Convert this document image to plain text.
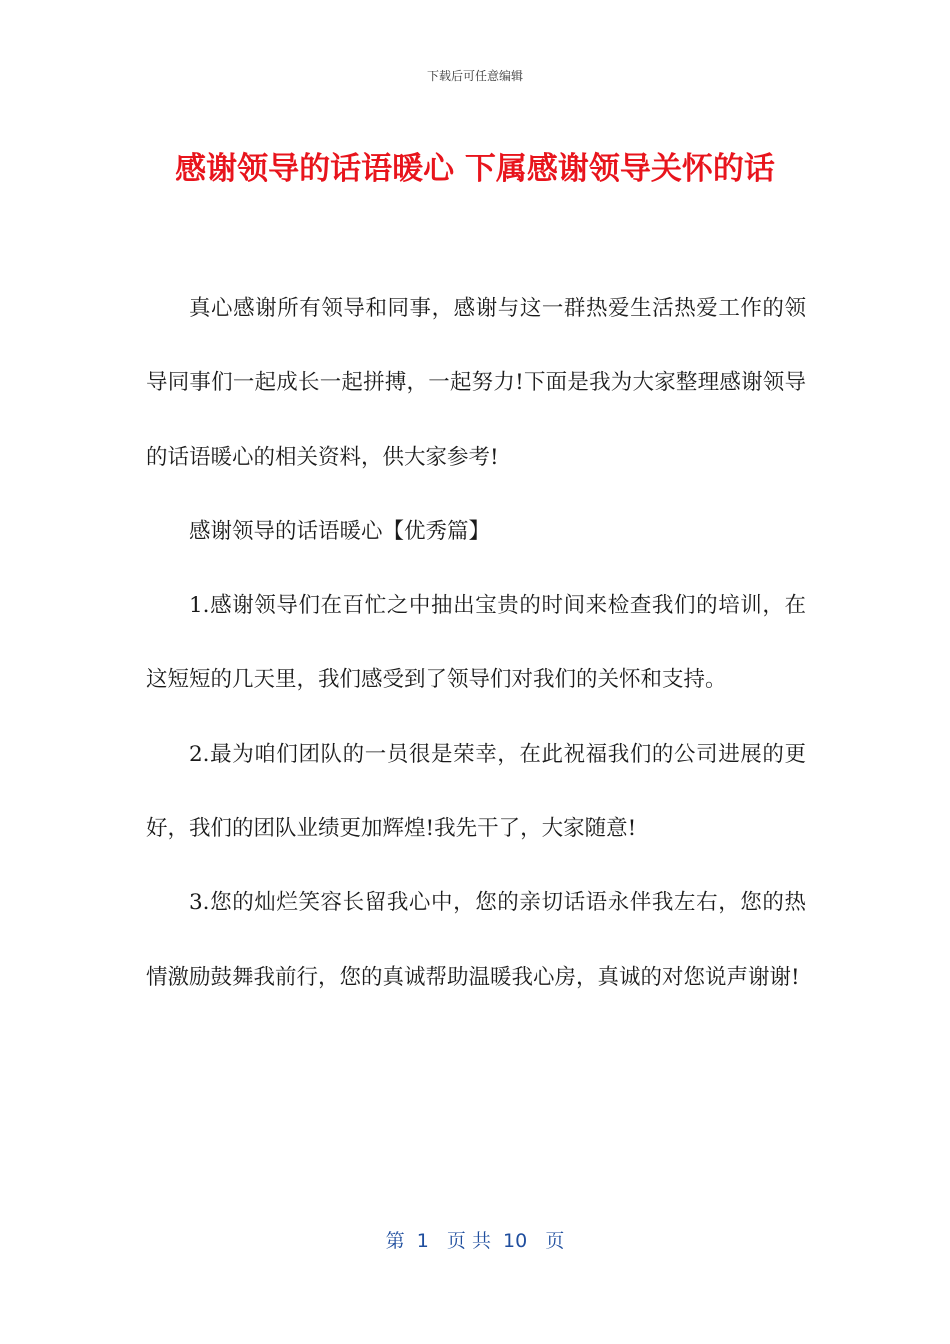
下载后可任意编辑
感谢领导的话语暖心 下属感谢领导关怀的话

真心感谢所有领导和同事，感谢与这一群热爱生活热爱工作的领导同事们一起成长一起拼搏，一起努力!下面是我为大家整理感谢领导的话语暖心的相关资料，供大家参考!

感谢领导的话语暖心【优秀篇】

1.感谢领导们在百忙之中抽出宝贵的时间来检查我们的培训，在这短短的几天里，我们感受到了领导们对我们的关怀和支持。

2.最为咱们团队的一员很是荣幸，在此祝福我们的公司进展的更好，我们的团队业绩更加辉煌!我先干了，大家随意!

3.您的灿烂笑容长留我心中，您的亲切话语永伴我左右，您的热情激励鼓舞我前行，您的真诚帮助温暖我心房，真诚的对您说声谢谢!

第  1   页 共  10   页
